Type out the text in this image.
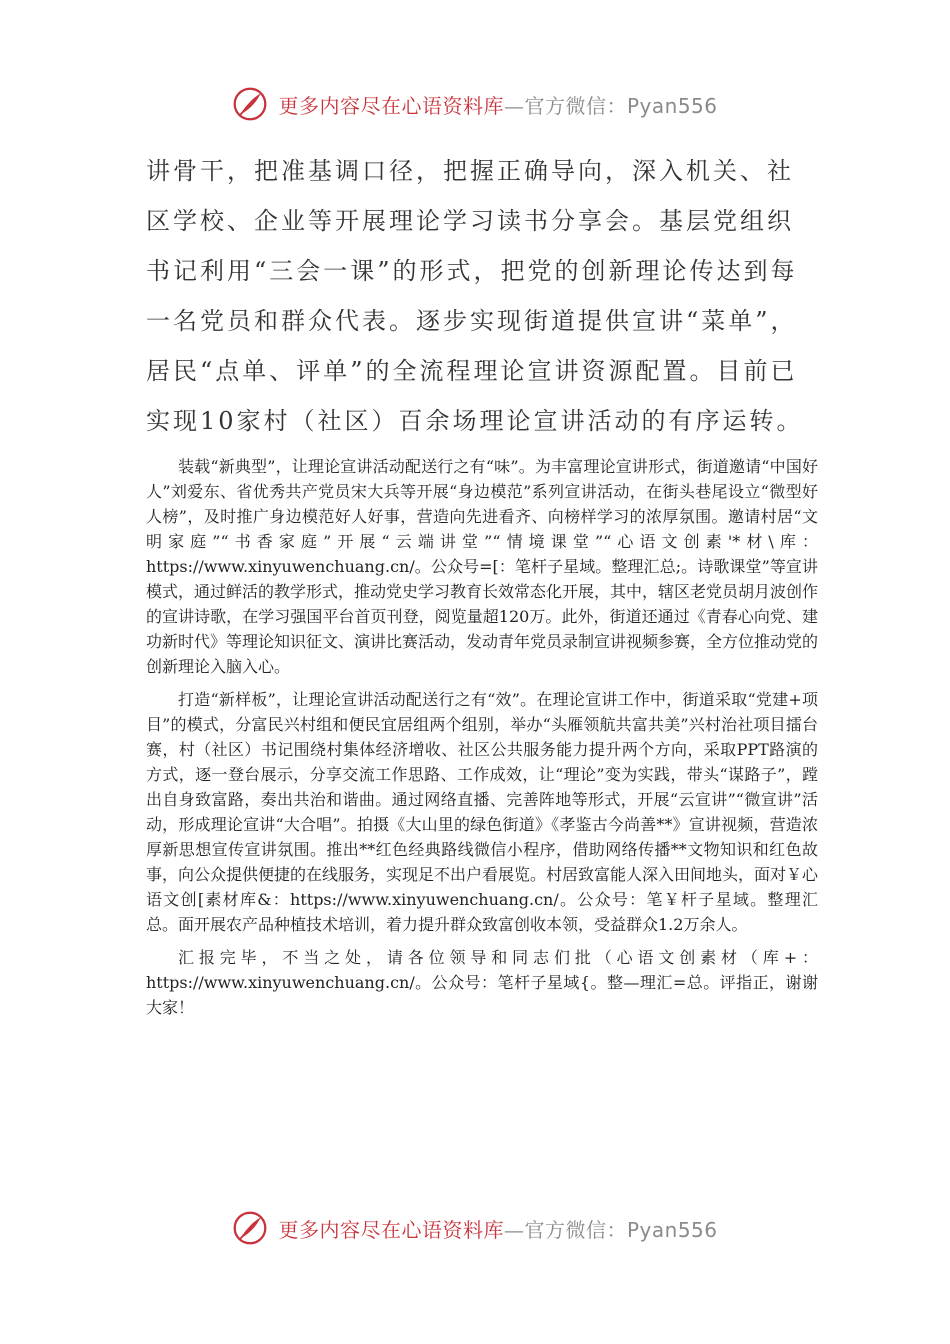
更多内容尽在心语资料库—官方微信：Pyan556

讲骨干，把准基调口径，把握正确导向，深入机关、社区学校、企业等开展理论学习读书分享会。基层党组织书记利用“三会一课”的形式，把党的创新理论传达到每一名党员和群众代表。逐步实现街道提供宣讲“菜单”，居民“点单、评单”的全流程理论宣讲资源配置。目前已实现10家村（社区）百余场理论宣讲活动的有序运转。

装载“新典型”，让理论宣讲活动配送行之有“味”。为丰富理论宣讲形式，街道邀请“中国好人”刘爱东、省优秀共产党员宋大兵等开展“身边模范”系列宣讲活动，在街头巷尾设立“微型好人榜”，及时推广身边模范好人好事，营造向先进看齐、向榜样学习的浓厚氛围。邀请村居“文明家庭”“书香家庭”开展“云端讲堂”“情境课堂”“心语文创素'*材\库：https://www.xinyuwenchuang.cn/。公众号=[：笔杆子星域。整理汇总;。诗歌课堂”等宣讲模式，通过鲜活的教学形式，推动党史学习教育长效常态化开展，其中，辖区老党员胡月波创作的宣讲诗歌，在学习强国平台首页刊登，阅览量超120万。此外，街道还通过《青春心向党、建功新时代》等理论知识征文、演讲比赛活动，发动青年党员录制宣讲视频参赛，全方位推动党的创新理论入脑入心。

打造“新样板”，让理论宣讲活动配送行之有“效”。在理论宣讲工作中，街道采取“党建+项目”的模式，分富民兴村组和便民宜居组两个组别，举办“头雁领航共富共美”兴村治社项目擂台赛，村（社区）书记围绕村集体经济增收、社区公共服务能力提升两个方向，采取PPT路演的方式，逐一登台展示，分享交流工作思路、工作成效，让“理论”变为实践，带头“谋路子”，蹚出自身致富路，奏出共治和谐曲。通过网络直播、完善阵地等形式，开展“云宣讲”“微宣讲”活动，形成理论宣讲“大合唱”。拍摄《大山里的绿色街道》《孝鉴古今尚善**》宣讲视频，营造浓厚新思想宣传宣讲氛围。推出**红色经典路线微信小程序，借助网络传播**文物知识和红色故事，向公众提供便捷的在线服务，实现足不出户看展览。村居致富能人深入田间地头，面对￥心语文创[素材库&：https://www.xinyuwenchuang.cn/。公众号：笔￥杆子星域。整理汇总。面开展农产品种植技术培训，着力提升群众致富创收本领，受益群众1.2万余人。

汇报完毕，不当之处，请各位领导和同志们批（心语文创素材（库+：https://www.xinyuwenchuang.cn/。公众号：笔杆子星域{。整—理汇=总。评指正，谢谢大家！

更多内容尽在心语资料库—官方微信：Pyan556
